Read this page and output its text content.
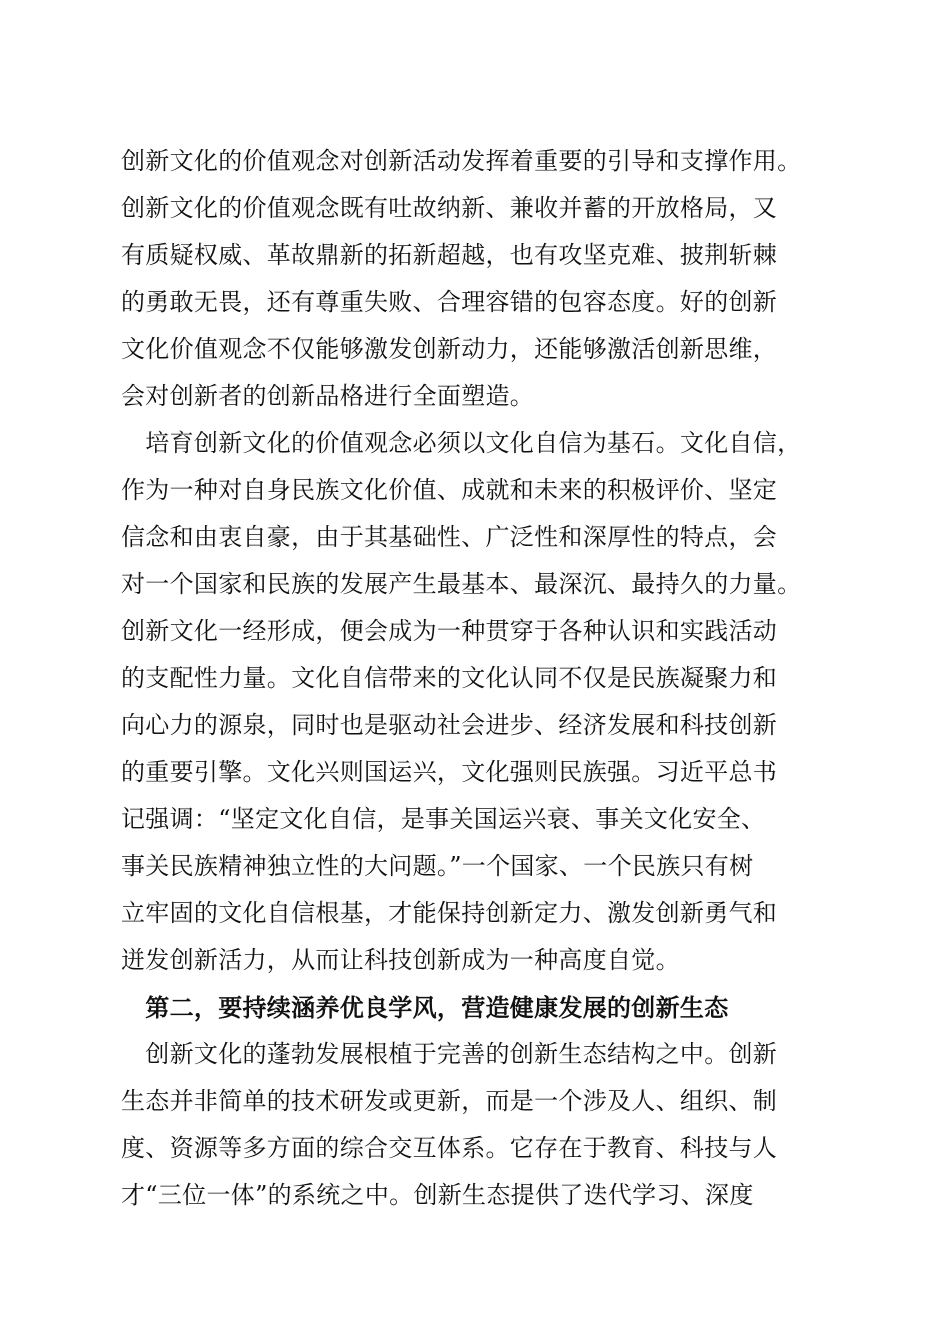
创新文化的价值观念对创新活动发挥着重要的引导和支撑作用。
创新文化的价值观念既有吐故纳新、兼收并蓄的开放格局，又
有质疑权威、革故鼎新的拓新超越，也有攻坚克难、披荆斩棘
的勇敢无畏，还有尊重失败、合理容错的包容态度。好的创新
文化价值观念不仅能够激发创新动力，还能够激活创新思维，
会对创新者的创新品格进行全面塑造。
　培育创新文化的价值观念必须以文化自信为基石。文化自信，
作为一种对自身民族文化价值、成就和未来的积极评价、坚定
信念和由衷自豪，由于其基础性、广泛性和深厚性的特点，会
对一个国家和民族的发展产生最基本、最深沉、最持久的力量。
创新文化一经形成，便会成为一种贯穿于各种认识和实践活动
的支配性力量。文化自信带来的文化认同不仅是民族凝聚力和
向心力的源泉，同时也是驱动社会进步、经济发展和科技创新
的重要引擎。文化兴则国运兴，文化强则民族强。习近平总书
记强调：“坚定文化自信，是事关国运兴衰、事关文化安全、
事关民族精神独立性的大问题。”一个国家、一个民族只有树
立牢固的文化自信根基，才能保持创新定力、激发创新勇气和
迸发创新活力，从而让科技创新成为一种高度自觉。
　第二，要持续涵养优良学风，营造健康发展的创新生态
　创新文化的蓬勃发展根植于完善的创新生态结构之中。创新
生态并非简单的技术研发或更新，而是一个涉及人、组织、制
度、资源等多方面的综合交互体系。它存在于教育、科技与人
才“三位一体”的系统之中。创新生态提供了迭代学习、深度
